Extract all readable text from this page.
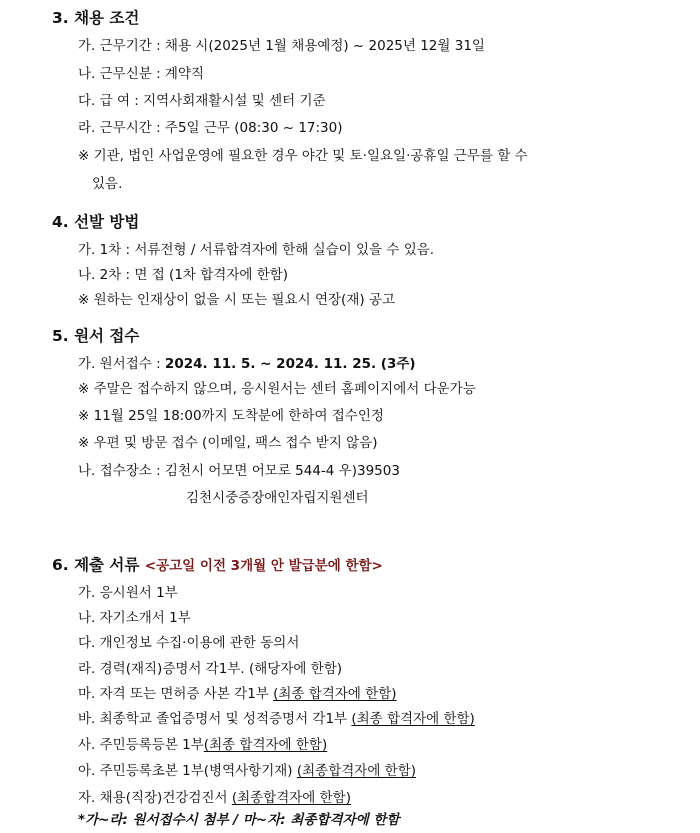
3. 채용 조건
가. 근무기간 : 채용 시(2025년 1월 채용예정) ~ 2025년 12월 31일
나. 근무신분 : 계약직
다. 급 여 : 지역사회재활시설 및 센터 기준
라. 근무시간 : 주5일 근무 (08:30 ~ 17:30)
※ 기관, 법인 사업운영에 필요한 경우 야간 및 토·일요일·공휴일 근무를 할 수
있음.
4. 선발 방법
가. 1차 : 서류전형 / 서류합격자에 한해 실습이 있을 수 있음.
나. 2차 : 면 접 (1차 합격자에 한함)
※ 원하는 인재상이 없을 시 또는 필요시 연장(재) 공고
5. 원서 접수
가. 원서접수 : 2024. 11. 5. ~ 2024. 11. 25. (3주)
※ 주말은 접수하지 않으며, 응시원서는 센터 홈페이지에서 다운가능
※ 11월 25일 18:00까지 도착분에 한하여 접수인정
※ 우편 및 방문 접수 (이메일, 팩스 접수 받지 않음)
나. 접수장소 : 김천시 어모면 어모로 544-4 우)39503
김천시중증장애인자립지원센터
6. 제출 서류 <공고일 이전 3개월 안 발급분에 한함>
가. 응시원서 1부
나. 자기소개서 1부
다. 개인정보 수집·이용에 관한 동의서
라. 경력(재직)증명서 각1부. (해당자에 한함)
마. 자격 또는 면허증 사본 각1부 (최종 합격자에 한함)
바. 최종학교 졸업증명서 및 성적증명서 각1부 (최종 합격자에 한함)
사. 주민등록등본 1부(최종 합격자에 한함)
아. 주민등록초본 1부(병역사항기재) (최종합격자에 한함)
자. 채용(직장)건강검진서 (최종합격자에 한함)
*가~라: 원서접수시 첨부 / 마~자: 최종합격자에 한함
